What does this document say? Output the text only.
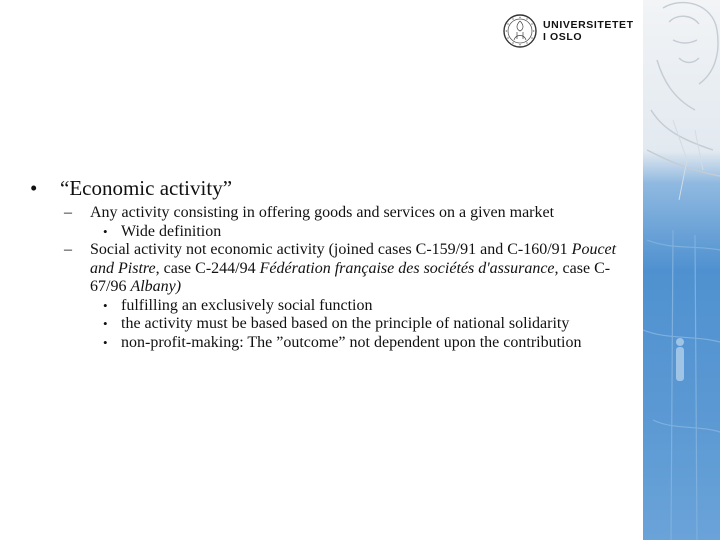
UNIVERSITETET
I OSLO
• “Economic activity”
– Any activity consisting in offering goods and services on a given market
• Wide definition
– Social activity not economic activity (joined cases C-159/91 and C-160/91 Poucet and Pistre, case C-244/94 Fédération française des sociétés d'assurance, case C-67/96 Albany)
• fulfilling an exclusively social function
• the activity must be based based on the principle of national solidarity
• non-profit-making: The ”outcome” not dependent upon the contribution
